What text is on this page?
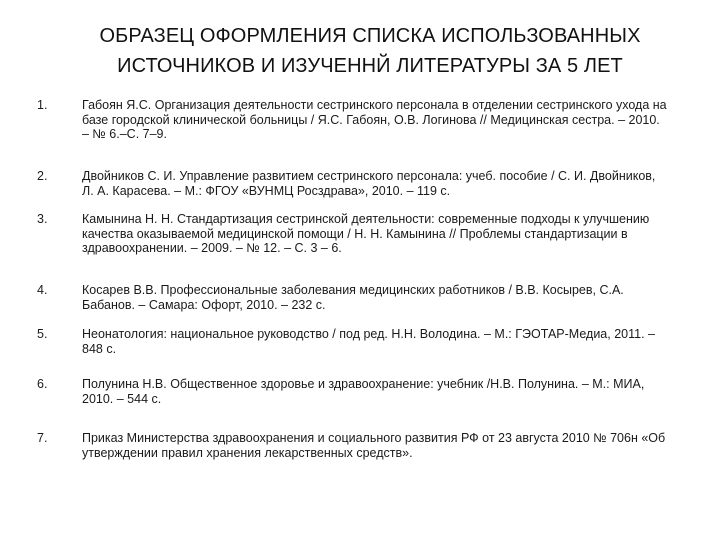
ОБРАЗЕЦ ОФОРМЛЕНИЯ СПИСКА ИСПОЛЬЗОВАННЫХ
ИСТОЧНИКОВ И ИЗУЧЕННЙ ЛИТЕРАТУРЫ ЗА 5 ЛЕТ
1.	Габоян Я.С. Организация деятельности сестринского персонала в отделении сестринского ухода на базе городской клинической больницы / Я.С. Габоян, О.В. Логинова // Медицинская сестра. – 2010. – № 6.–С. 7–9.
2.	Двойников С. И. Управление развитием сестринского персонала: учеб. пособие / С. И. Двойников, Л. А. Карасева. – М.: ФГОУ «ВУНМЦ Росздрава», 2010. – 119 с.
3.	Камынина Н. Н. Стандартизация сестринской деятельности: современные подходы к улучшению качества оказываемой медицинской помощи / Н. Н. Камынина // Проблемы стандартизации в здравоохранении. – 2009. – № 12. – С. 3 – 6.
4.	Косарев В.В. Профессиональные заболевания медицинских работников / В.В. Косырев, С.А. Бабанов. – Самара: Офорт, 2010. – 232 с.
5.	Неонатология: национальное руководство / под ред. Н.Н. Володина. – М.: ГЭОТАР-Медиа, 2011. – 848 с.
6.	Полунина Н.В. Общественное здоровье и здравоохранение: учебник /Н.В. Полунина. – М.: МИА, 2010. – 544 с.
7.	Приказ Министерства здравоохранения и социального развития РФ от 23 августа 2010 № 706н «Об утверждении правил хранения лекарственных средств».
